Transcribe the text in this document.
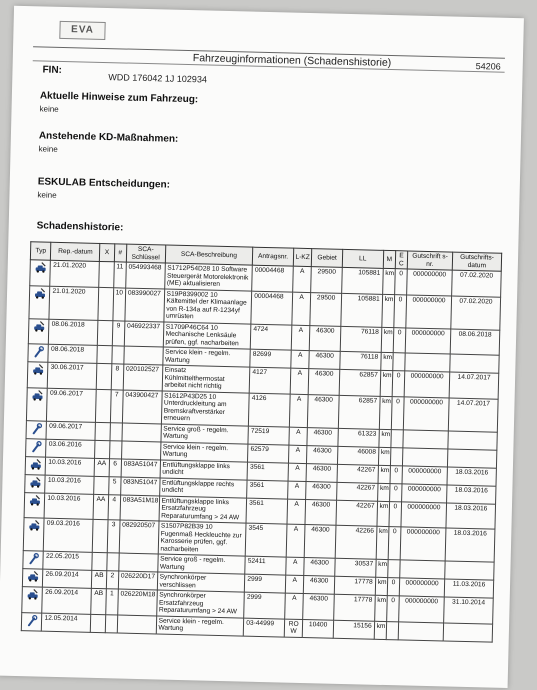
EVA
Fahrzeuginformationen (Schadenshistorie)	54206
FIN:
WDD 176042 1J 102934
Aktuelle Hinweise zum Fahrzeug:
keine
Anstehende KD-Maßnahmen:
keine
ESKULAB Entscheidungen:
keine
Schadenshistorie:
Typ	Rep.-datum	X	#	SCA-Schlüssel	SCA-Beschreibung	Antragsnr.	L-KZ	Gebiet	LL	M	E C	Gutschrift s-nr.	Gutschrifts-datum
	21.01.2020		11	054993468	S1712P54D28 10 Software Steuergerät Motorelektronik (ME) aktualisieren	00004468	A	29500	105881	km	0	000000000	07.02.2020
	21.01.2020		10	083990027	S19P8399002 10 Kältemittel der Klimaanlage von R-134a auf R-1234yf umrüsten	00004468	A	29500	105881	km	0	000000000	07.02.2020
	08.06.2018		9	046922337	S1709P46C64 10 Mechanische Lenksäule prüfen, ggf. nacharbeiten	4724	A	46300	76118	km	0	000000000	08.06.2018
	08.06.2018				Service klein - regelm. Wartung	82699	A	46300	76118	km			
	30.06.2017		8	020102527	Einsatz Kühlmittelthermostat arbeitet nicht richtig	4127	A	46300	62857	km	0	000000000	14.07.2017
	09.06.2017		7	043900427	S1612P43D25 10 Unterdruckleitung am Bremskraftverstärker erneuern	4126	A	46300	62857	km	0	000000000	14.07.2017
	09.06.2017				Service groß - regelm. Wartung	72519	A	46300	61323	km			
	03.06.2016				Service klein - regelm. Wartung	62579	A	46300	46008	km			
	10.03.2016	AA	6	083A51047	Entlüftungsklappe links undicht	3561	A	46300	42267	km	0	000000000	18.03.2016
	10.03.2016		5	083N51047	Entlüftungsklappe rechts undicht	3561	A	46300	42267	km	0	000000000	18.03.2016
	10.03.2016	AA	4	083A51M18	Entlüftungsklappe links Ersatzfahrzeug Reparaturumfang > 24 AW	3561	A	46300	42267	km	0	000000000	18.03.2016
	09.03.2016		3	082920507	S1507P82B39 10 Fugenmaß Heckleuchte zur Karosserie prüfen, ggf. nacharbeiten	3545	A	46300	42266	km	0	000000000	18.03.2016
	22.05.2015				Service groß - regelm. Wartung	52411	A	46300	30537	km			
	26.09.2014	AB	2	026220D17	Synchronkörper verschlissen	2999	A	46300	17778	km	0	000000000	11.03.2016
	26.09.2014	AB	1	026220M18	Synchronkörper Ersatzfahrzeug Reparaturumfang > 24 AW	2999	A	46300	17778	km	0	000000000	31.10.2014
	12.05.2014				Service klein - regelm. Wartung	03-44999	RO W	10400	15156	km			
